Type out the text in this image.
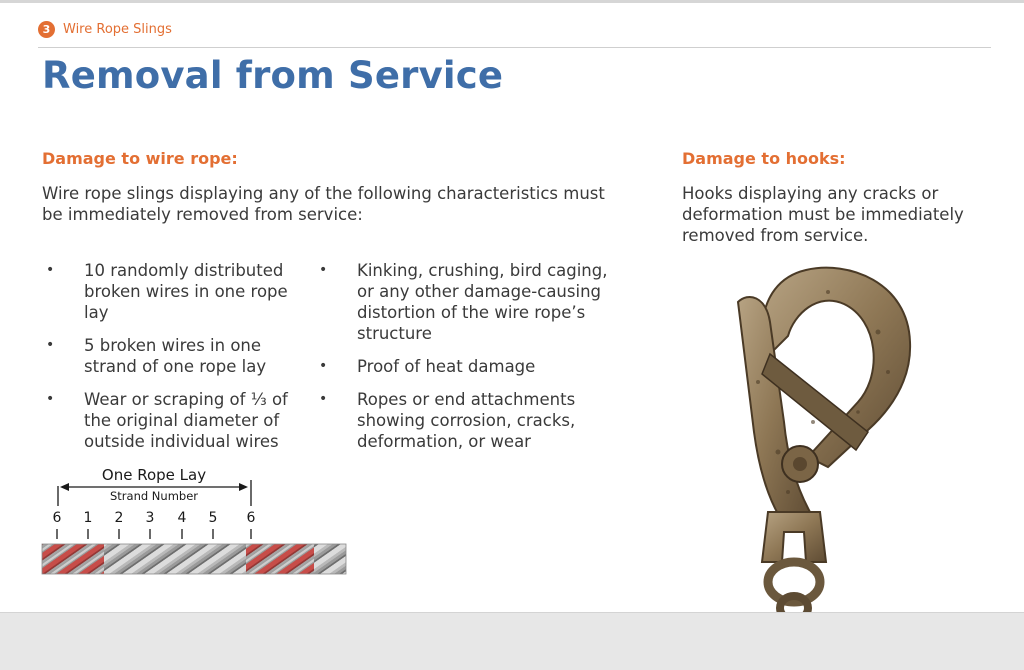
3 Wire Rope Slings
Removal from Service
Damage to wire rope:
Wire rope slings displaying any of the following characteristics must be immediately removed from service:
• 10 randomly distributed broken wires in one rope lay
• 5 broken wires in one strand of one rope lay
• Wear or scraping of ⅓ of the original diameter of outside individual wires
• Kinking, crushing, bird caging, or any other damage-causing distortion of the wire rope’s structure
• Proof of heat damage
• Ropes or end attachments showing corrosion, cracks, deformation, or wear
One Rope Lay
Strand Number
6 1 2 3 4 5 6
Damage to hooks:
Hooks displaying any cracks or deformation must be immediately removed from service.
